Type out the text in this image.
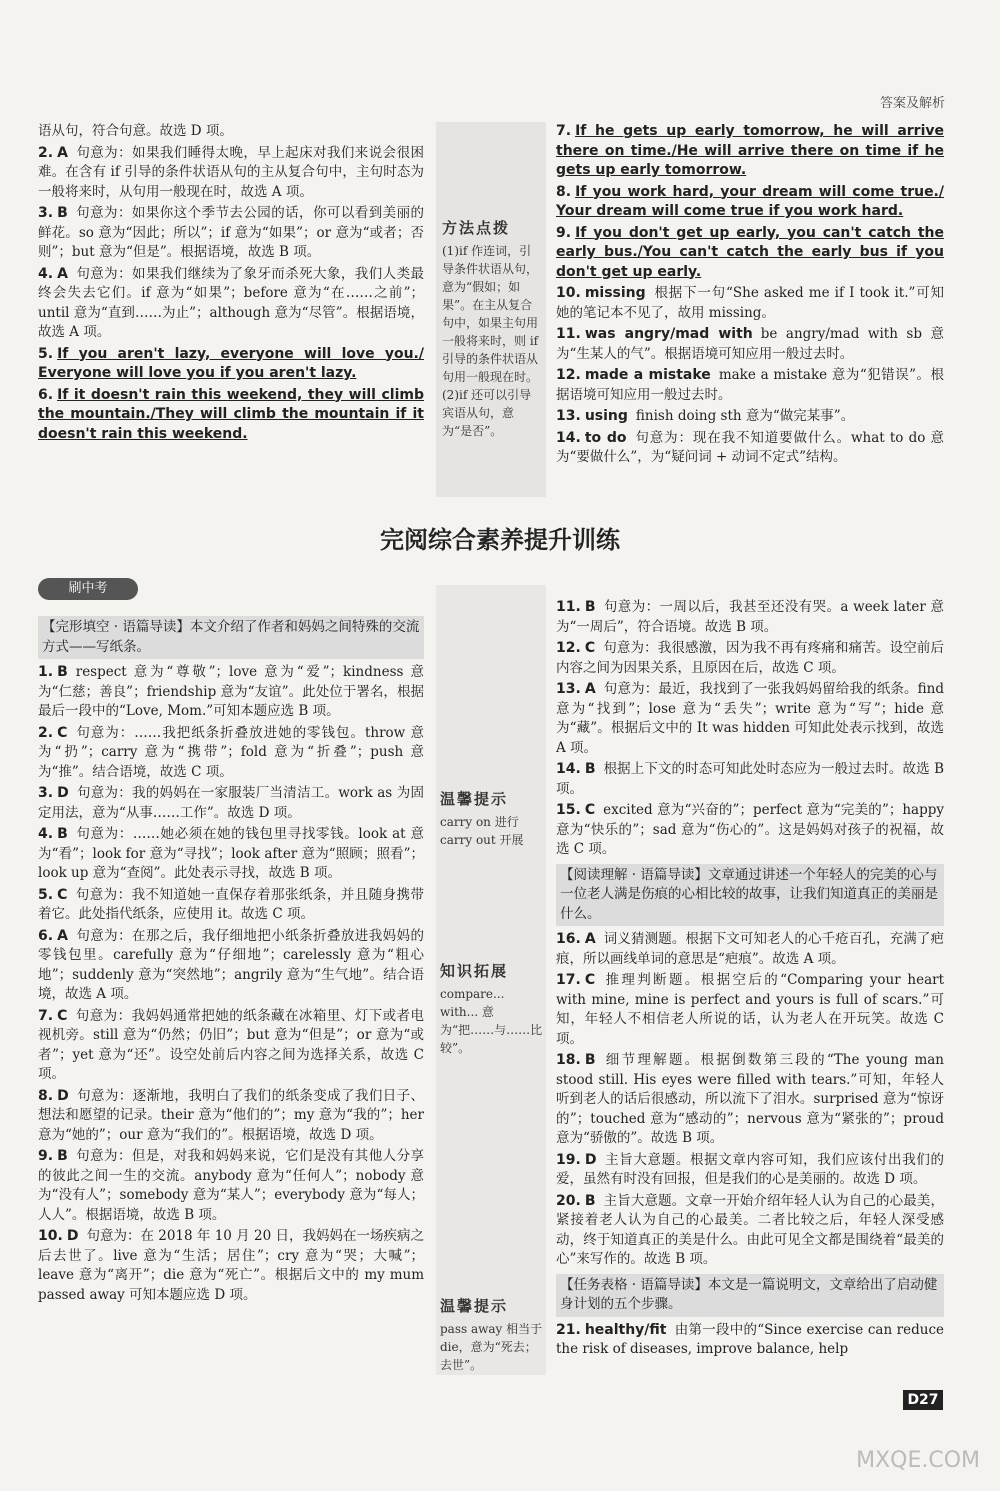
答案及解析
语从句，符合句意。故选 D 项。
2. A 句意为：如果我们睡得太晚，早上起床对我们来说会很困难。在含有 if 引导的条件状语从句的主从复合句中，主句时态为一般将来时，从句用一般现在时，故选 A 项。
3. B 句意为：如果你这个季节去公园的话，你可以看到美丽的鲜花。so 意为“因此；所以”；if 意为“如果”；or 意为“或者；否则”；but 意为“但是”。根据语境，故选 B 项。
4. A 句意为：如果我们继续为了象牙而杀死大象，我们人类最终会失去它们。if 意为“如果”；before 意为“在……之前”；until 意为“直到……为止”；although 意为“尽管”。根据语境，故选 A 项。
5. If you aren't lazy, everyone will love you./ Everyone will love you if you aren't lazy.
6. If it doesn't rain this weekend, they will climb the mountain./They will climb the mountain if it doesn't rain this weekend.
方法点拨
(1)if 作连词，引导条件状语从句，意为“假如；如果”。在主从复合句中，如果主句用一般将来时，则 if 引导的条件状语从句用一般现在时。(2)if 还可以引导宾语从句，意为“是否”。
7. If he gets up early tomorrow, he will arrive there on time./He will arrive there on time if he gets up early tomorrow.
8. If you work hard, your dream will come true./ Your dream will come true if you work hard.
9. If you don't get up early, you can't catch the early bus./You can't catch the early bus if you don't get up early.
10. missing 根据下一句“She asked me if I took it.”可知她的笔记本不见了，故用 missing。
11. was angry/mad with be angry/mad with sb 意为“生某人的气”。根据语境可知应用一般过去时。
12. made a mistake make a mistake 意为“犯错误”。根据语境可知应用一般过去时。
13. using finish doing sth 意为“做完某事”。
14. to do 句意为：现在我不知道要做什么。what to do 意为“要做什么”，为“疑问词 + 动词不定式”结构。
完阅综合素养提升训练
刷中考
【完形填空 · 语篇导读】本文介绍了作者和妈妈之间特殊的交流方式——写纸条。
1. B respect 意为“尊敬”；love 意为“爱”；kindness 意为“仁慈；善良”；friendship 意为“友谊”。此处位于署名，根据最后一段中的“Love, Mom.”可知本题应选 B 项。
2. C 句意为：……我把纸条折叠放进她的零钱包。throw 意为“扔”；carry 意为“携带”；fold 意为“折叠”；push 意为“推”。结合语境，故选 C 项。
3. D 句意为：我的妈妈在一家服装厂当清洁工。work as 为固定用法，意为“从事……工作”。故选 D 项。
4. B 句意为：……她必须在她的钱包里寻找零钱。look at 意为“看”；look for 意为“寻找”；look after 意为“照顾；照看”；look up 意为“查阅”。此处表示寻找，故选 B 项。
5. C 句意为：我不知道她一直保存着那张纸条，并且随身携带着它。此处指代纸条，应使用 it。故选 C 项。
6. A 句意为：在那之后，我仔细地把小纸条折叠放进我妈妈的零钱包里。carefully 意为“仔细地”；carelessly 意为“粗心地”；suddenly 意为“突然地”；angrily 意为“生气地”。结合语境，故选 A 项。
7. C 句意为：我妈妈通常把她的纸条藏在冰箱里、灯下或者电视机旁。still 意为“仍然；仍旧”；but 意为“但是”；or 意为“或者”；yet 意为“还”。设空处前后内容之间为选择关系，故选 C 项。
8. D 句意为：逐渐地，我明白了我们的纸条变成了我们日子、想法和愿望的记录。their 意为“他们的”；my 意为“我的”；her 意为“她的”；our 意为“我们的”。根据语境，故选 D 项。
9. B 句意为：但是，对我和妈妈来说，它们是没有其他人分享的彼此之间一生的交流。anybody 意为“任何人”；nobody 意为“没有人”；somebody 意为“某人”；everybody 意为“每人；人人”。根据语境，故选 B 项。
10. D 句意为：在 2018 年 10 月 20 日，我妈妈在一场疾病之后去世了。live 意为“生活；居住”；cry 意为“哭；大喊”；leave 意为“离开”；die 意为“死亡”。根据后文中的 my mum passed away 可知本题应选 D 项。
温馨提示
carry on 进行 carry out 开展
知识拓展
compare... with... 意为“把……与……比较”。
温馨提示
pass away 相当于 die，意为“死去；去世”。
11. B 句意为：一周以后，我甚至还没有哭。a week later 意为“一周后”，符合语境。故选 B 项。
12. C 句意为：我很感激，因为我不再有疼痛和痛苦。设空前后内容之间为因果关系，且原因在后，故选 C 项。
13. A 句意为：最近，我找到了一张我妈妈留给我的纸条。find 意为“找到”；lose 意为“丢失”；write 意为“写”；hide 意为“藏”。根据后文中的 It was hidden 可知此处表示找到，故选 A 项。
14. B 根据上下文的时态可知此处时态应为一般过去时。故选 B 项。
15. C excited 意为“兴奋的”；perfect 意为“完美的”；happy 意为“快乐的”；sad 意为“伤心的”。这是妈妈对孩子的祝福，故选 C 项。
【阅读理解 · 语篇导读】文章通过讲述一个年轻人的完美的心与一位老人满是伤痕的心相比较的故事，让我们知道真正的美丽是什么。
16. A 词义猜测题。根据下文可知老人的心千疮百孔，充满了疤痕，所以画线单词的意思是“疤痕”。故选 A 项。
17. C 推理判断题。根据空后的“Comparing your heart with mine, mine is perfect and yours is full of scars.”可知，年轻人不相信老人所说的话，认为老人在开玩笑。故选 C 项。
18. B 细节理解题。根据倒数第三段的“The young man stood still. His eyes were filled with tears.”可知，年轻人听到老人的话后很感动，所以流下了泪水。surprised 意为“惊讶的”；touched 意为“感动的”；nervous 意为“紧张的”；proud 意为“骄傲的”。故选 B 项。
19. D 主旨大意题。根据文章内容可知，我们应该付出我们的爱，虽然有时没有回报，但是我们的心是美丽的。故选 D 项。
20. B 主旨大意题。文章一开始介绍年轻人认为自己的心最美，紧接着老人认为自己的心最美。二者比较之后，年轻人深受感动，终于知道真正的美是什么。由此可见全文都是围绕着“最美的心”来写作的。故选 B 项。
【任务表格 · 语篇导读】本文是一篇说明文，文章给出了启动健身计划的五个步骤。
21. healthy/fit 由第一段中的“Since exercise can reduce the risk of diseases, improve balance, help
D27
MXQE.COM
